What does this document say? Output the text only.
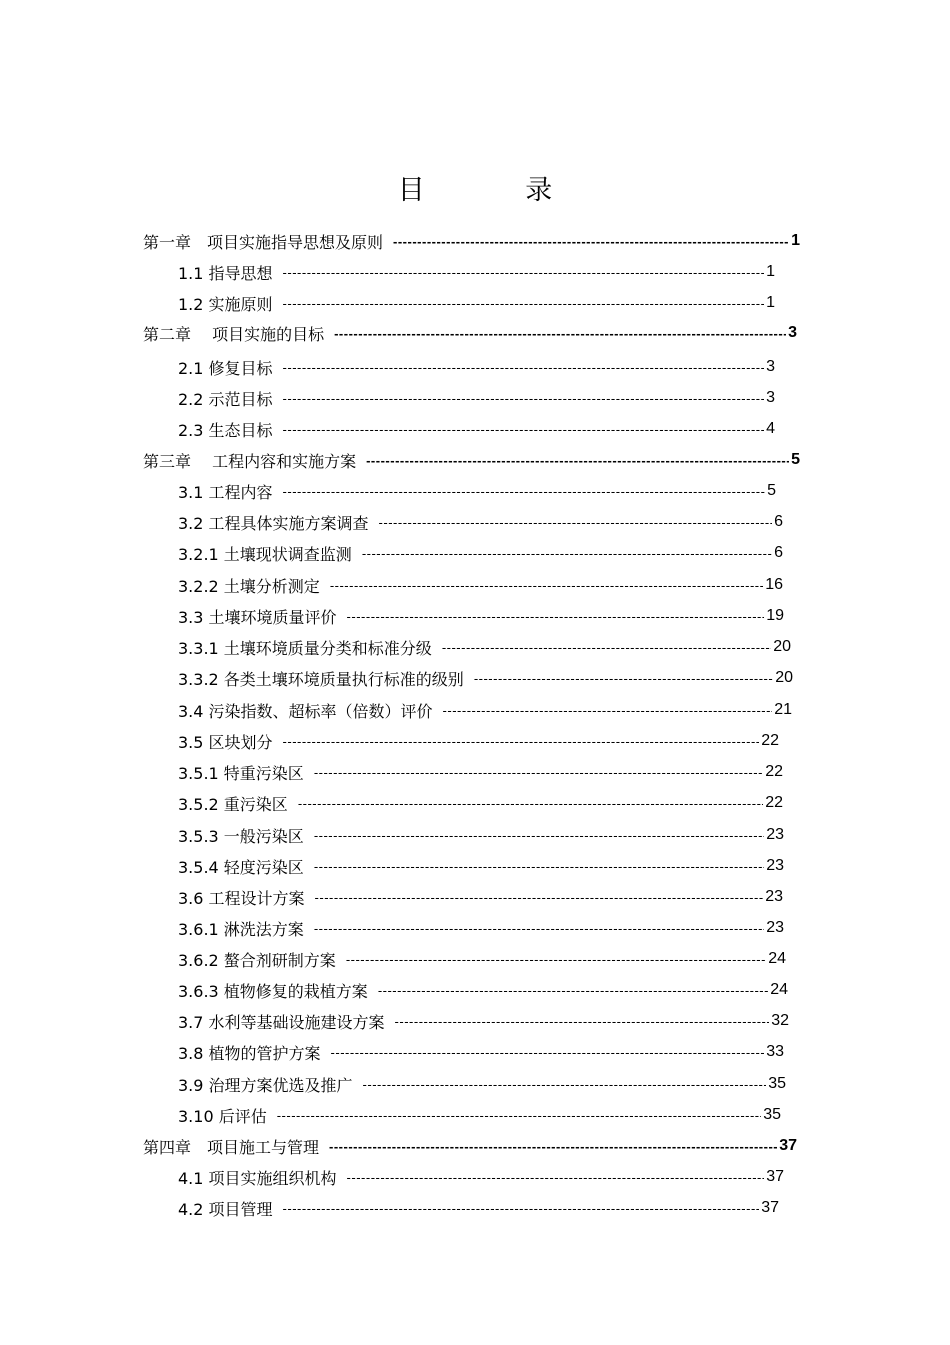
目 录
第一章　项目实施指导思想及原则 -----	1
1.1 指导思想 -----	1
1.2 实施原则 -----	1
第二章　 项目实施的目标 -----	3
2.1 修复目标 -----	3
2.2 示范目标 -----	3
2.3 生态目标 -----	4
第三章　 工程内容和实施方案 -----	5
3.1 工程内容 -----	5
3.2 工程具体实施方案调查 -----	6
3.2.1 土壤现状调查监测 -----	6
3.2.2 土壤分析测定 -----	16
3.3 土壤环境质量评价 -----	19
3.3.1 土壤环境质量分类和标准分级 -----	20
3.3.2 各类土壤环境质量执行标准的级别 -----	20
3.4 污染指数、超标率（倍数）评价 -----	21
3.5 区块划分 -----	22
3.5.1 特重污染区 -----	22
3.5.2 重污染区 -----	22
3.5.3 一般污染区 -----	23
3.5.4 轻度污染区 -----	23
3.6 工程设计方案 -----	23
3.6.1 淋洗法方案 -----	23
3.6.2 螯合剂研制方案 -----	24
3.6.3 植物修复的栽植方案 -----	24
3.7 水利等基础设施建设方案 -----	32
3.8 植物的管护方案 -----	33
3.9 治理方案优选及推广 -----	35
3.10 后评估 -----	35
第四章　项目施工与管理 -----	37
4.1 项目实施组织机构 -----	37
4.2 项目管理 -----	37
